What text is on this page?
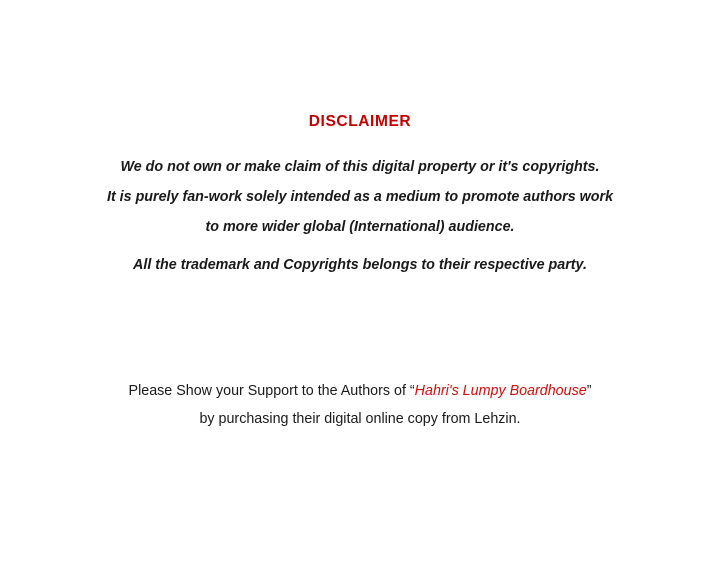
DISCLAIMER
We do not own or make claim of this digital property or it's copyrights.
It is purely fan-work solely intended as a medium to promote authors work
to more wider global (International) audience.
All the trademark and Copyrights belongs to their respective party.
Please Show your Support to the Authors of “Hahri's Lumpy Boardhouse”
by purchasing their digital online copy from Lehzin.
